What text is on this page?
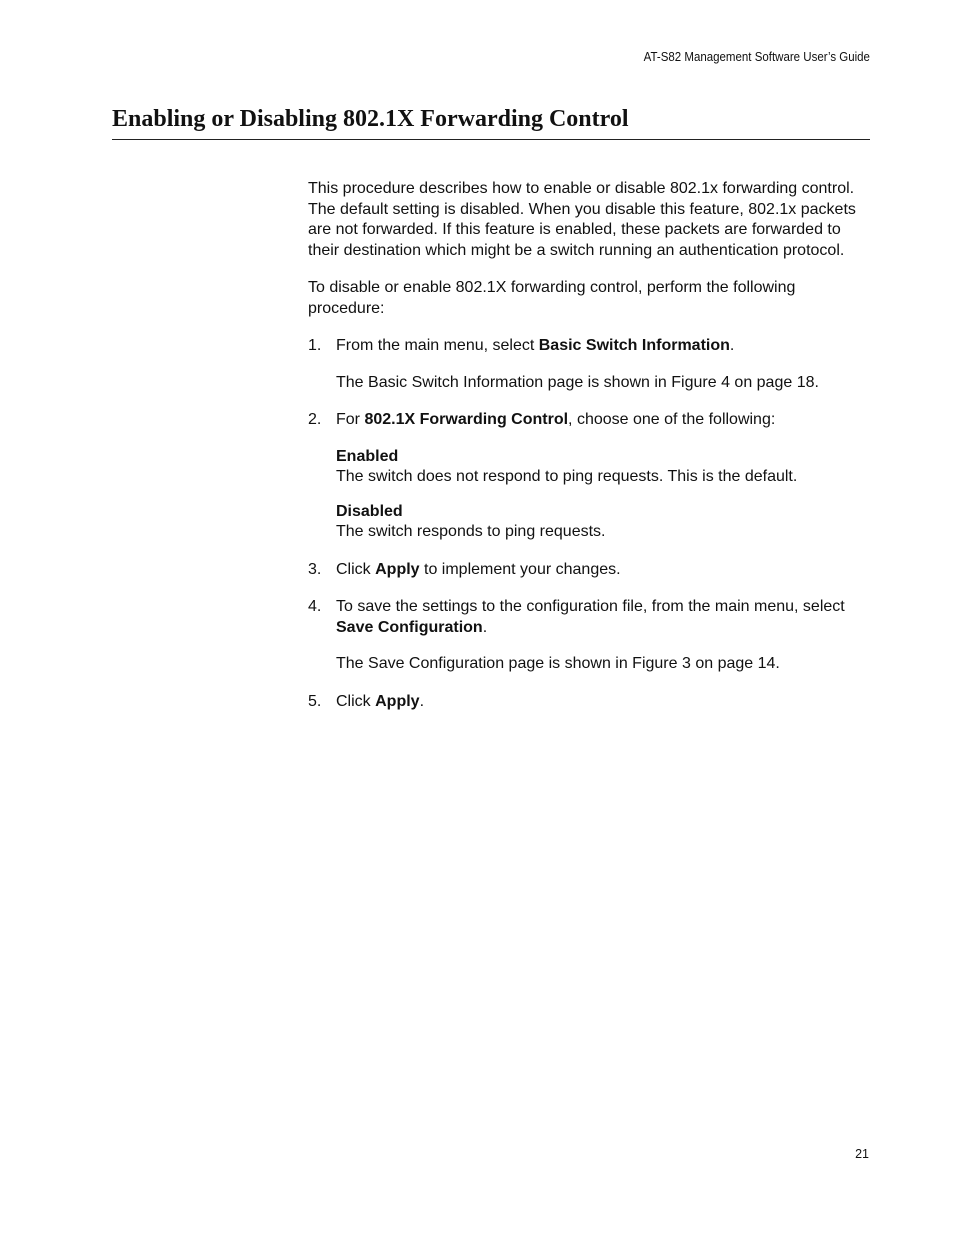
AT-S82 Management Software User’s Guide
Enabling or Disabling 802.1X Forwarding Control

This procedure describes how to enable or disable 802.1x forwarding control. The default setting is disabled. When you disable this feature, 802.1x packets are not forwarded. If this feature is enabled, these packets are forwarded to their destination which might be a switch running an authentication protocol.

To disable or enable 802.1X forwarding control, perform the following procedure:

1. From the main menu, select Basic Switch Information.

The Basic Switch Information page is shown in Figure 4 on page 18.

2. For 802.1X Forwarding Control, choose one of the following:

Enabled
The switch does not respond to ping requests. This is the default.
Disabled
The switch responds to ping requests.
3. Click Apply to implement your changes.

4. To save the settings to the configuration file, from the main menu, select Save Configuration.

The Save Configuration page is shown in Figure 3 on page 14.

5. Click Apply.

21
